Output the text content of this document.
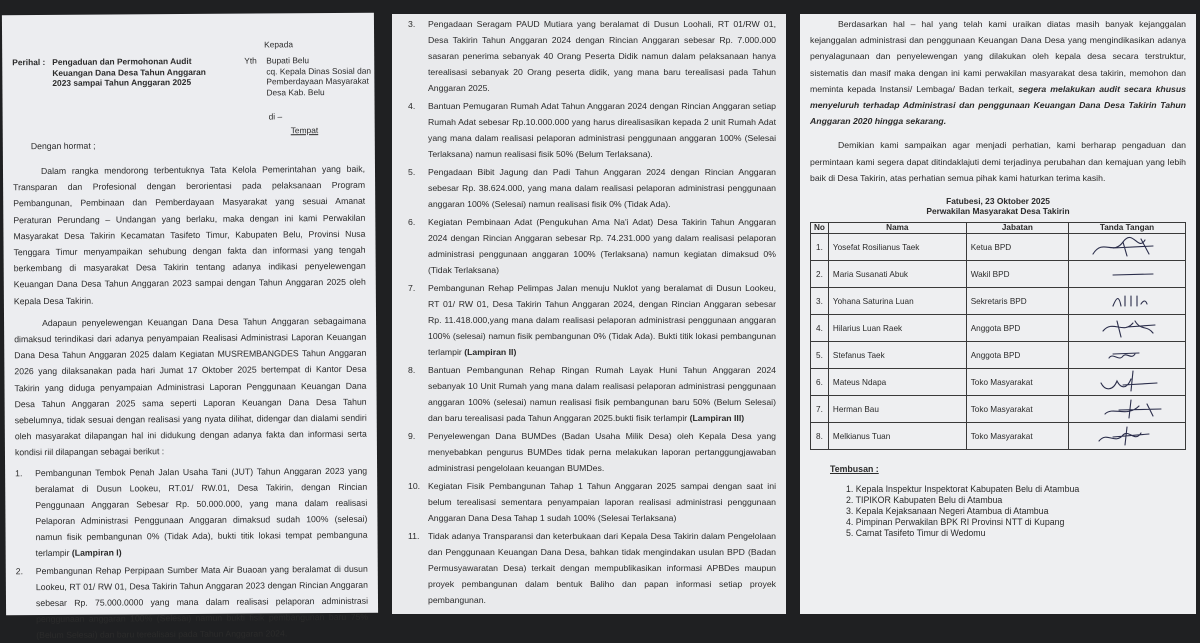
Perihal : Pengaduan dan Permohonan Audit Keuangan Dana Desa Tahun Anggaran 2023 sampai Tahun Anggaran 2025
Kepada
Yth Bupati Belu
cq. Kepala Dinas Sosial dan Pemberdayaan Masyarakat Desa Kab. Belu
di –
Tempat
Dengan hormat ;

Dalam rangka mendorong terbentuknya Tata Kelola Pemerintahan yang baik, Transparan dan Profesional dengan berorientasi pada pelaksanaan Program Pembangunan, Pembinaan dan Pemberdayaan Masyarakat yang sesuai Amanat Peraturan Perundang – Undangan yang berlaku, maka dengan ini kami Perwakilan Masyarakat Desa Takirin Kecamatan Tasifeto Timur, Kabupaten Belu, Provinsi Nusa Tenggara Timur menyampaikan sehubung dengan fakta dan informasi yang tengah berkembang di masyarakat Desa Takirin tentang adanya indikasi penyelewengan Keuangan Dana Desa Tahun Anggaran 2023 sampai dengan Tahun Anggaran 2025 oleh Kepala Desa Takirin.

Adapaun penyelewengan Keuangan Dana Desa Tahun Anggaran sebagaimana dimaksud terindikasi dari adanya penyampaian Realisasi Administrasi Laporan Keuangan Dana Desa Tahun Anggaran 2025 dalam Kegiatan MUSREMBANGDES Tahun Anggaran 2026 yang dilaksanakan pada hari Jumat 17 Oktober 2025 bertempat di Kantor Desa Takirin yang diduga penyampaian Administrasi Laporan Penggunaan Keuangan Dana Desa Tahun Anggaran 2025 sama seperti Laporan Keuangan Dana Desa Tahun sebelumnya, tidak sesuai dengan realisasi yang nyata dilihat, didengar dan dialami sendiri oleh masyarakat dilapangan hal ini didukung dengan adanya fakta dan informasi serta kondisi riil dilapangan sebagai berikut :

1.	Pembangunan Tembok Penah Jalan Usaha Tani (JUT) Tahun Anggaran 2023 yang beralamat di Dusun Lookeu, RT.01/ RW.01, Desa Takirin, dengan Rincian Penggunaan Anggaran Sebesar Rp. 50.000.000, yang mana dalam realisasi Pelaporan Administrasi Penggunaan Anggaran dimaksud sudah 100% (selesai) namun fisik pembangunan 0% (Tidak Ada), bukti titik lokasi tempat pembanguna terlampir (Lampiran I)
2.	Pembangunan Rehap Perpipaan Sumber Mata Air Buaoan yang beralamat di dusun Lookeu, RT 01/ RW 01, Desa Takirin Tahun Anggaran 2023 dengan Rincian Anggaran sebesar Rp. 75.000.0000 yang mana dalam realisasi pelaporan administrasi penggunaan anggaran 100% (Selesai) namun bukti fisik pembangunan baru 75% (Belum Selesai) dan baru terealisasi pada Tahun Anggaran 2024.
3.	Pengadaan Seragam PAUD Mutiara yang beralamat di Dusun Loohali, RT 01/RW 01, Desa Takirin Tahun Anggaran 2024 dengan Rincian Anggaran sebesar Rp. 7.000.000 sasaran penerima sebanyak 40 Orang Peserta Didik namun dalam pelaksanaan hanya terealisasi sebanyak 20 Orang peserta didik, yang mana baru terealisasi pada Tahun Anggaran 2025.
4.	Bantuan Pemugaran Rumah Adat Tahun Anggaran 2024 dengan Rincian Anggaran setiap Rumah Adat sebesar Rp.10.000.000 yang harus direalisasikan kepada 2 unit Rumah Adat yang mana dalam realisasi pelaporan administrasi penggunaan anggaran 100% (Selesai Terlaksana) namun realisasi fisik 50% (Belum Terlaksana).
5.	Pengadaan Bibit Jagung dan Padi Tahun Anggaran 2024 dengan Rincian Anggaran sebesar Rp. 38.624.000, yang mana dalam realisasi pelaporan administrasi penggunaan anggaran 100% (Selesai) namun realisasi fisik 0% (Tidak Ada).
6.	Kegiatan Pembinaan Adat (Pengukuhan Ama Na'i Adat) Desa Takirin Tahun Anggaran 2024 dengan Rincian Anggaran sebesar Rp. 74.231.000 yang dalam realisasi pelaporan administrasi penggunaan anggaran 100% (Terlaksana) namun kegiatan dimaksud 0% (Tidak Terlaksana)
7.	Pembangunan Rehap Pelimpas Jalan menuju Nuklot yang beralamat di Dusun Lookeu, RT 01/ RW 01, Desa Takirin Tahun Anggaran 2024, dengan Rincian Anggaran sebesar Rp. 11.418.000,yang mana dalam realisasi pelaporan administrasi penggunaan anggaran 100% (selesai) namun fisik pembangunan 0% (Tidak Ada). Bukti titik lokasi pembangunan terlampir (Lampiran II)
8.	Bantuan Pembangunan Rehap Ringan Rumah Layak Huni Tahun Anggaran 2024 sebanyak 10 Unit Rumah yang mana dalam realisasi pelaporan administrasi penggunaan anggaran 100% (selesai) namun realisasi fisik pembangunan baru 50% (Belum Selesai) dan baru terealisasi pada Tahun Anggaran 2025.bukti fisik terlampir (Lampiran III)
9.	Penyelewengan Dana BUMDes (Badan Usaha Milik Desa) oleh Kepala Desa yang menyebabkan pengurus BUMDes tidak perna melakukan laporan pertanggungjawaban administrasi pengelolaan keuangan BUMDes.
10. Kegiatan Fisik Pembangunan Tahap 1 Tahun Anggaran 2025 sampai dengan saat ini belum terealisasi sementara penyampaian laporan realisasi administrasi penggunaan Anggaran Dana Desa Tahap 1 sudah 100% (Selesai Terlaksana)
11. Tidak adanya Transparansi dan keterbukaan dari Kepala Desa Takirin dalam Pengelolaan dan Penggunaan Keuangan Dana Desa, bahkan tidak mengindakan usulan BPD (Badan Permusyawaratan Desa) terkait dengan mempublikasikan informasi APBDes maupun proyek pembangunan dalam bentuk Baliho dan papan informasi setiap proyek pembangunan.

Berdasarkan hal – hal yang telah kami uraikan diatas masih banyak kejanggalan kejanggalan administrasi dan penggunaan Keuangan Dana Desa yang mengindikasikan adanya penyalagunaan dan penyelewengan yang dilakukan oleh kepala desa secara terstruktur, sistematis dan masif maka dengan ini kami perwakilan masyarakat desa takirin, memohon dan meminta kepada Instansi/ Lembaga/ Badan terkait, segera melakukan audit secara khusus menyeluruh terhadap Administrasi dan penggunaan Keuangan Dana Desa Takirin Tahun Anggaran 2020 hingga sekarang.

Demikian kami sampaikan agar menjadi perhatian, kami berharap pengaduan dan permintaan kami segera dapat ditindaklajuti demi terjadinya perubahan dan kemajuan yang lebih baik di Desa Takirin, atas perhatian semua pihak kami haturkan terima kasih.

Fatubesi, 23 Oktober 2025
Perwakilan Masyarakat Desa Takirin
No	Nama	Jabatan	Tanda Tangan
1.	Yosefat Rosilianus Taek	Ketua BPD	

2.	Maria Susanati Abuk	Wakil BPD	

3.	Yohana Saturina Luan	Sekretaris BPD	

4.	Hilarius Luan Raek	Anggota BPD	

5.	Stefanus Taek	Anggota BPD	

6.	Mateus Ndapa	Toko Masyarakat	

7.	Herman Bau	Toko Masyarakat	

8.	Melkianus Tuan	Toko Masyarakat	
Tembusan :
1. Kepala Inspektur Inspektorat Kabupaten Belu di Atambua
2. TIPIKOR Kabupaten Belu di Atambua
3. Kepala Kejaksanaan Negeri Atambua di Atambua
4. Pimpinan Perwakilan BPK RI Provinsi NTT di Kupang
5. Camat Tasifeto Timur di Wedomu
